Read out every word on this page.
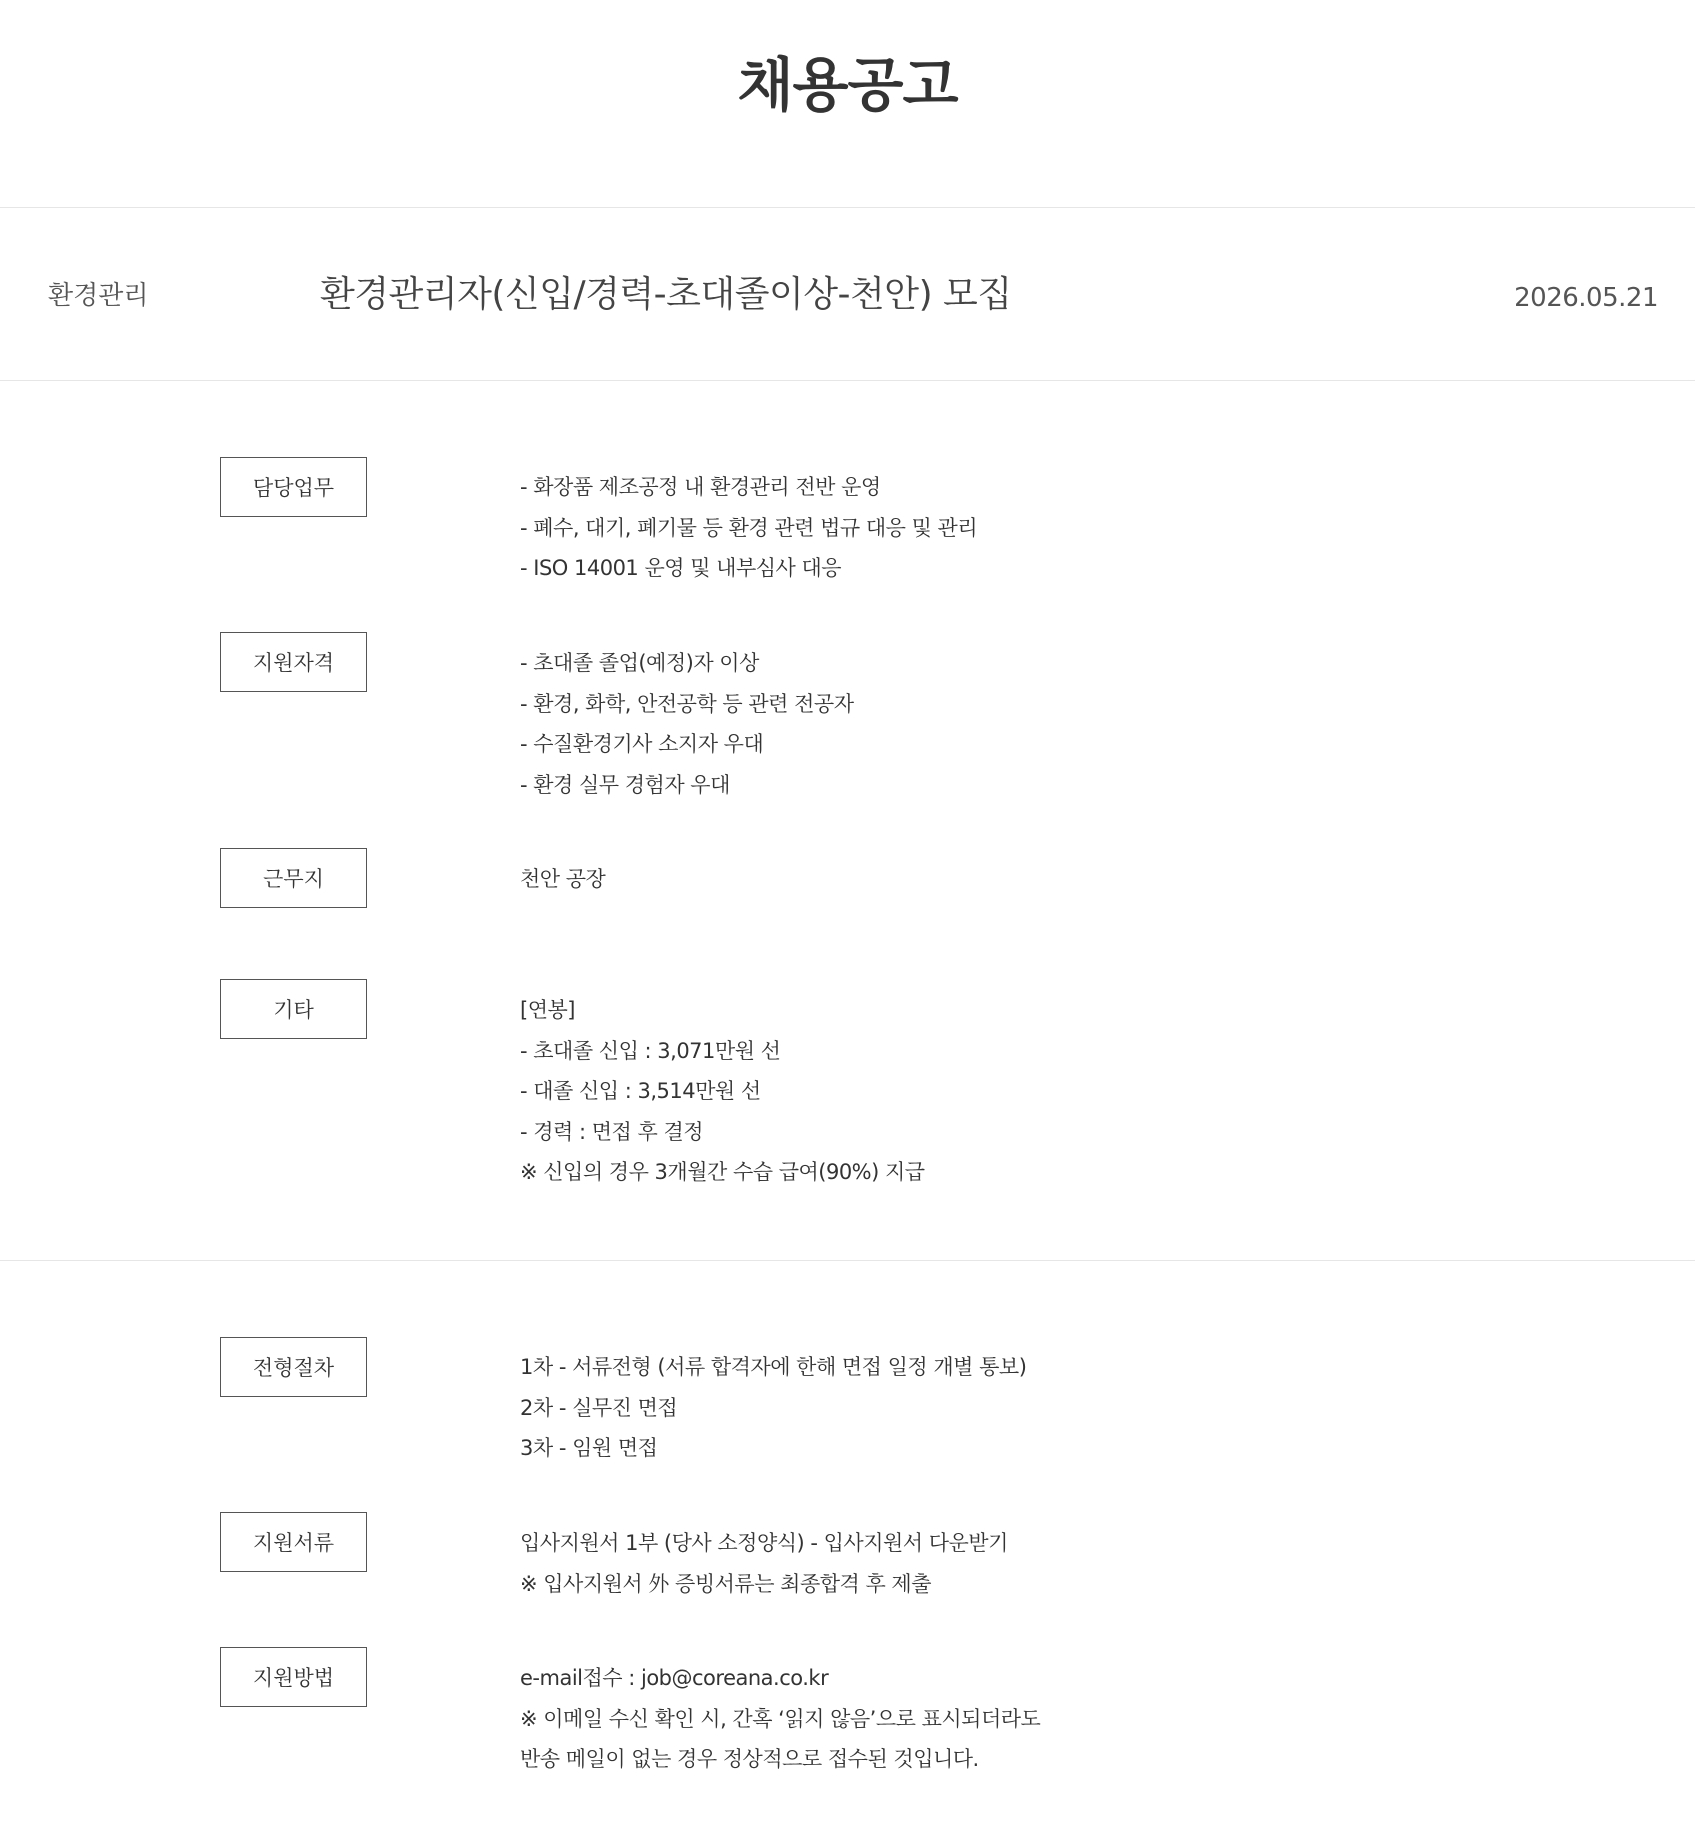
채용공고
환경관리	환경관리자(신입/경력-초대졸이상-천안) 모집	2026.05.21
담당업무	- 화장품 제조공정 내 환경관리 전반 운영
- 폐수, 대기, 폐기물 등 환경 관련 법규 대응 및 관리
- ISO 14001 운영 및 내부심사 대응
지원자격	- 초대졸 졸업(예정)자 이상
- 환경, 화학, 안전공학 등 관련 전공자
- 수질환경기사 소지자 우대
- 환경 실무 경험자 우대
근무지	천안 공장
기타	[연봉]
- 초대졸 신입 : 3,071만원 선
- 대졸 신입 : 3,514만원 선
- 경력 : 면접 후 결정
※ 신입의 경우 3개월간 수습 급여(90%) 지급
전형절차	1차 - 서류전형 (서류 합격자에 한해 면접 일정 개별 통보)
2차 - 실무진 면접
3차 - 임원 면접
지원서류	입사지원서 1부 (당사 소정양식) - 입사지원서 다운받기
※ 입사지원서 外 증빙서류는 최종합격 후 제출
지원방법	e-mail접수 : job@coreana.co.kr
※ 이메일 수신 확인 시, 간혹 ‘읽지 않음’으로 표시되더라도
반송 메일이 없는 경우 정상적으로 접수된 것입니다.
